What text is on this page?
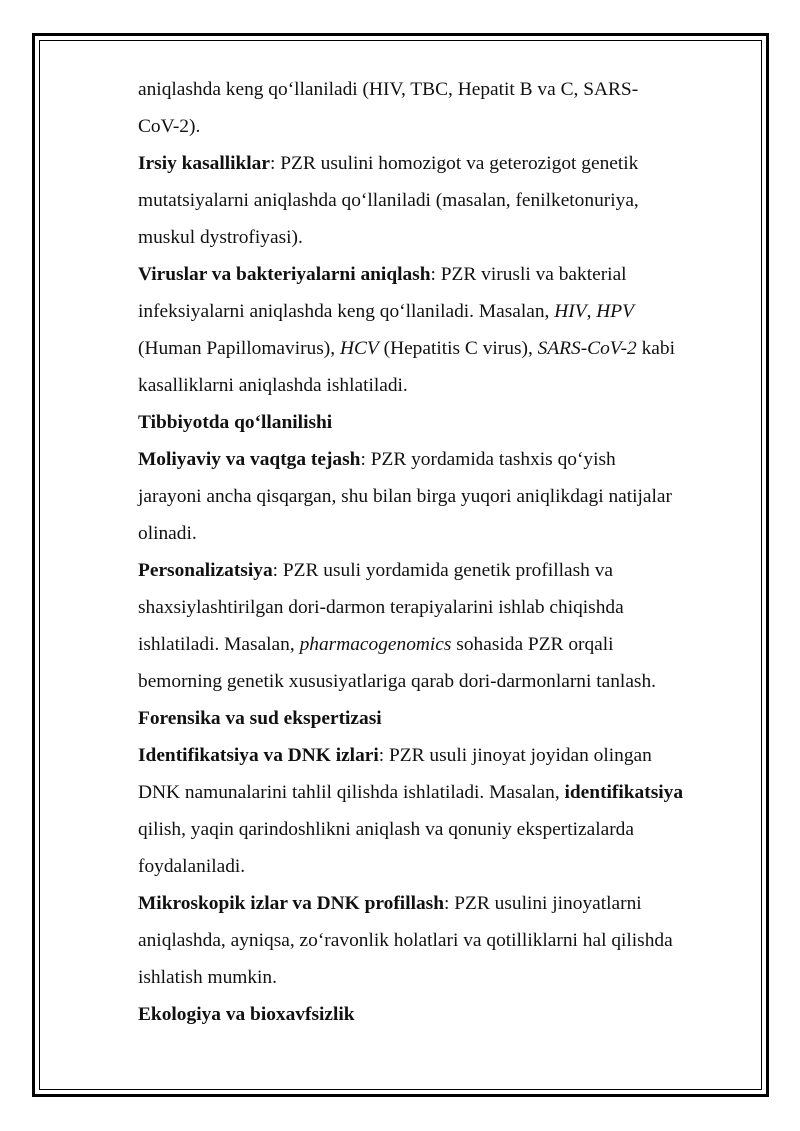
aniqlashda keng qo‘llaniladi (HIV, TBC, Hepatit B va C, SARS-
CoV-2).
Irsiy kasalliklar: PZR usulini homozigot va geterozigot genetik
mutatsiyalarni aniqlashda qo‘llaniladi (masalan, fenilketonuriya,
muskul dystrofiyasi).
Viruslar va bakteriyalarni aniqlash: PZR virusli va bakterial
infeksiyalarni aniqlashda keng qo‘llaniladi. Masalan, HIV, HPV
(Human Papillomavirus), HCV (Hepatitis C virus), SARS-CoV-2 kabi
kasalliklarni aniqlashda ishlatiladi.
Tibbiyotda qo‘llanilishi
Moliyaviy va vaqtga tejash: PZR yordamida tashxis qo‘yish
jarayoni ancha qisqargan, shu bilan birga yuqori aniqlikdagi natijalar
olinadi.
Personalizatsiya: PZR usuli yordamida genetik profillash va
shaxsiylashtirilgan dori-darmon terapiyalarini ishlab chiqishda
ishlatiladi. Masalan, pharmacogenomics sohasida PZR orqali
bemorning genetik xususiyatlariga qarab dori-darmonlarni tanlash.
Forensika va sud ekspertizasi
Identifikatsiya va DNK izlari: PZR usuli jinoyat joyidan olingan
DNK namunalarini tahlil qilishda ishlatiladi. Masalan, identifikatsiya
qilish, yaqin qarindoshlikni aniqlash va qonuniy ekspertizalarda
foydalaniladi.
Mikroskopik izlar va DNK profillash: PZR usulini jinoyatlarni
aniqlashda, ayniqsa, zo‘ravonlik holatlari va qotilliklarni hal qilishda
ishlatish mumkin.
Ekologiya va bioxavfsizlik
